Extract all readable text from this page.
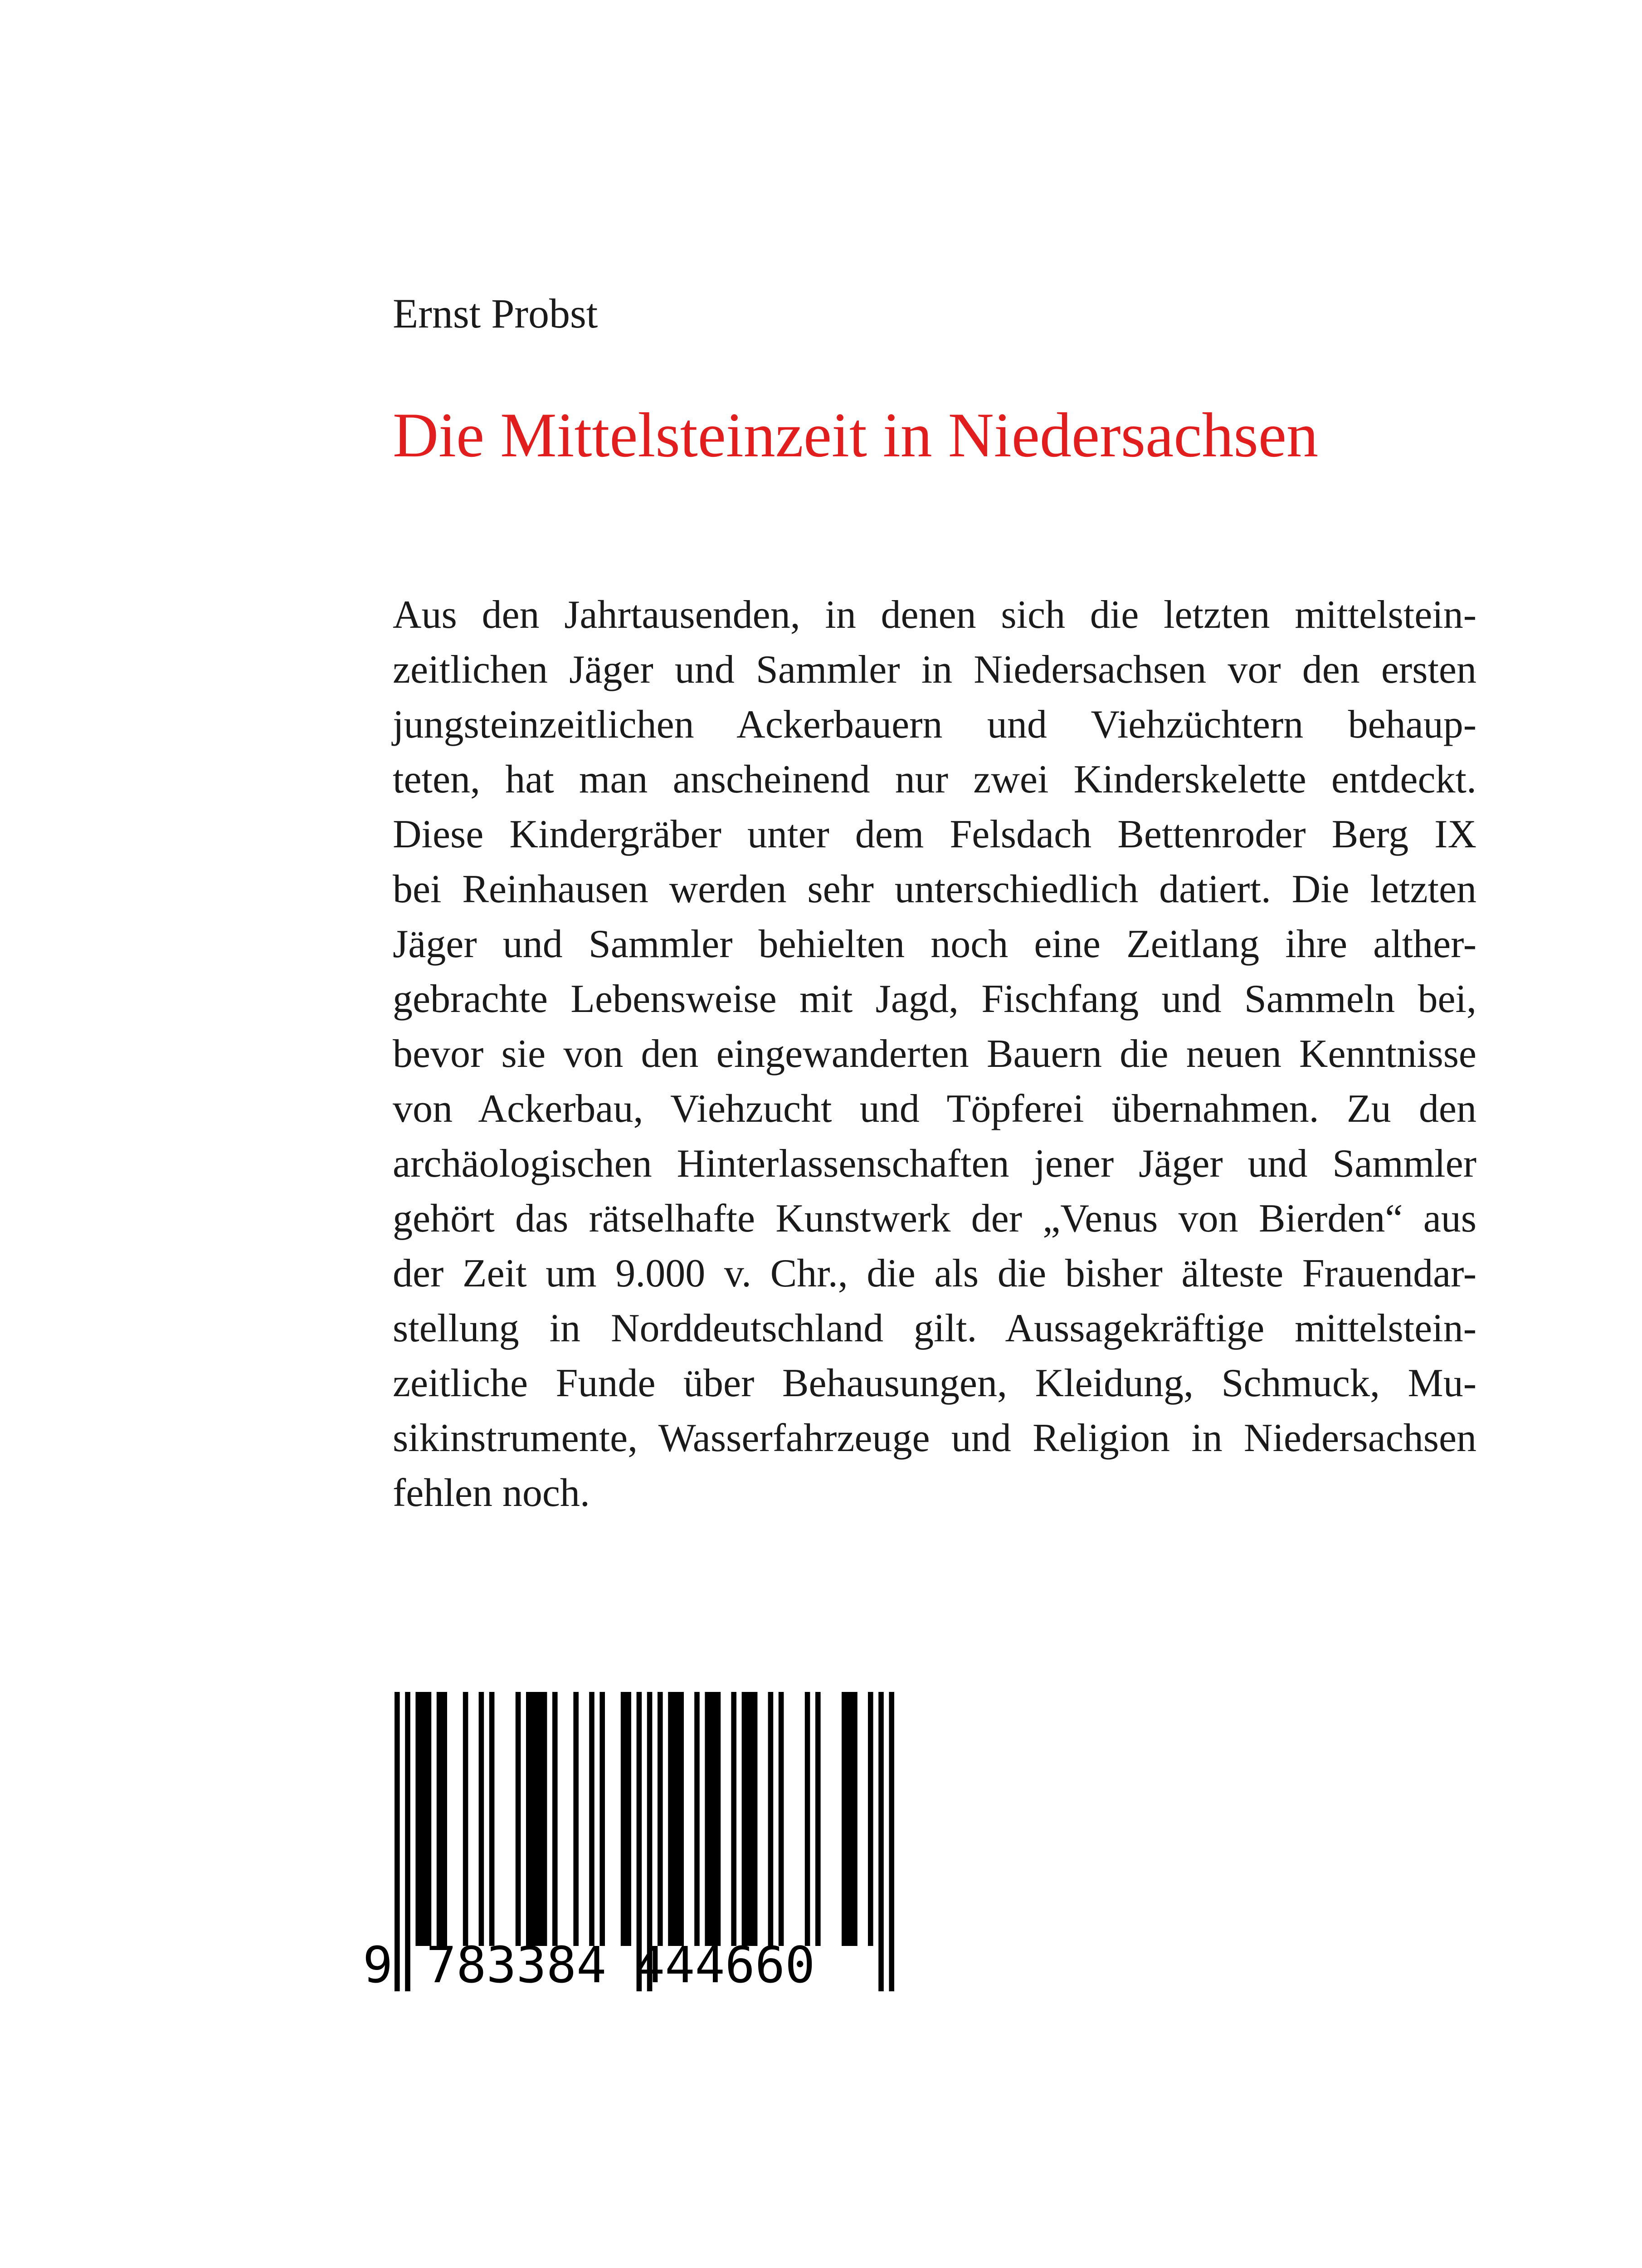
Ernst Probst
Die Mittelsteinzeit in Niedersachsen
Aus den Jahrtausenden, in denen sich die letzten mittelstein-
zeitlichen Jäger und Sammler in Niedersachsen vor den ersten
jungsteinzeitlichen Ackerbauern und Viehzüchtern behaup-
teten, hat man anscheinend nur zwei Kinderskelette entdeckt.
Diese Kindergräber unter dem Felsdach Bettenroder Berg IX
bei Reinhausen werden sehr unterschiedlich datiert. Die letzten
Jäger und Sammler behielten noch eine Zeitlang ihre alther-
gebrachte Lebensweise mit Jagd, Fischfang und Sammeln bei,
bevor sie von den eingewanderten Bauern die neuen Kenntnisse
von Ackerbau, Viehzucht und Töpferei übernahmen. Zu den
archäologischen Hinterlassenschaften jener Jäger und Sammler
gehört das rätselhafte Kunstwerk der „Venus von Bierden“ aus
der Zeit um 9.000 v. Chr., die als die bisher älteste Frauendar-
stellung in Norddeutschland gilt. Aussagekräftige mittelstein-
zeitliche Funde über Behausungen, Kleidung, Schmuck, Mu-
sikinstrumente, Wasserfahrzeuge und Religion in Niedersachsen
fehlen noch.
9 783384 444660
